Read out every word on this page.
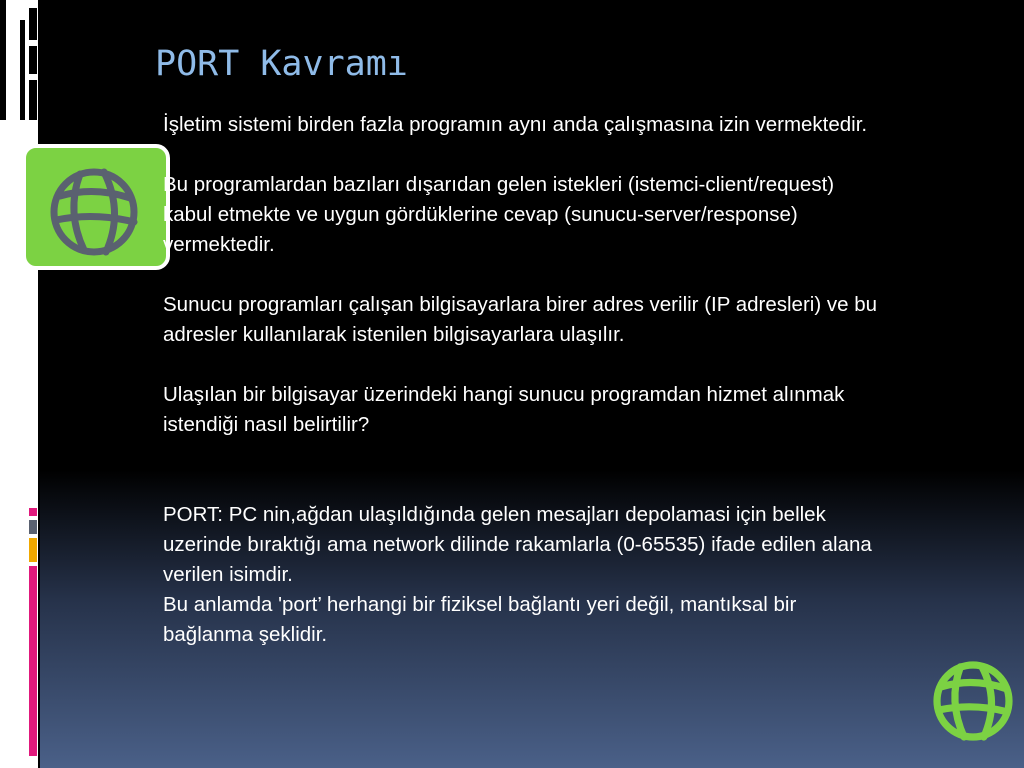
PORT Kavramı

İşletim sistemi birden fazla programın aynı anda çalışmasına izin vermektedir.

Bu programlardan bazıları dışarıdan gelen istekleri (istemci-client/request) kabul etmekte ve uygun gördüklerine cevap (sunucu-server/response) vermektedir.

Sunucu programları çalışan bilgisayarlara birer adres verilir (IP adresleri) ve bu adresler kullanılarak istenilen bilgisayarlara ulaşılır.

Ulaşılan bir bilgisayar üzerindeki hangi sunucu programdan hizmet alınmak istendiği nasıl belirtilir?

PORT: PC nin,ağdan ulaşıldığında gelen mesajları depolamasi için bellek uzerinde bıraktığı ama network dilinde rakamlarla (0-65535) ifade edilen alana verilen isimdir.

Bu anlamda 'port’ herhangi bir fiziksel bağlantı yeri değil, mantıksal bir bağlanma şeklidir.
